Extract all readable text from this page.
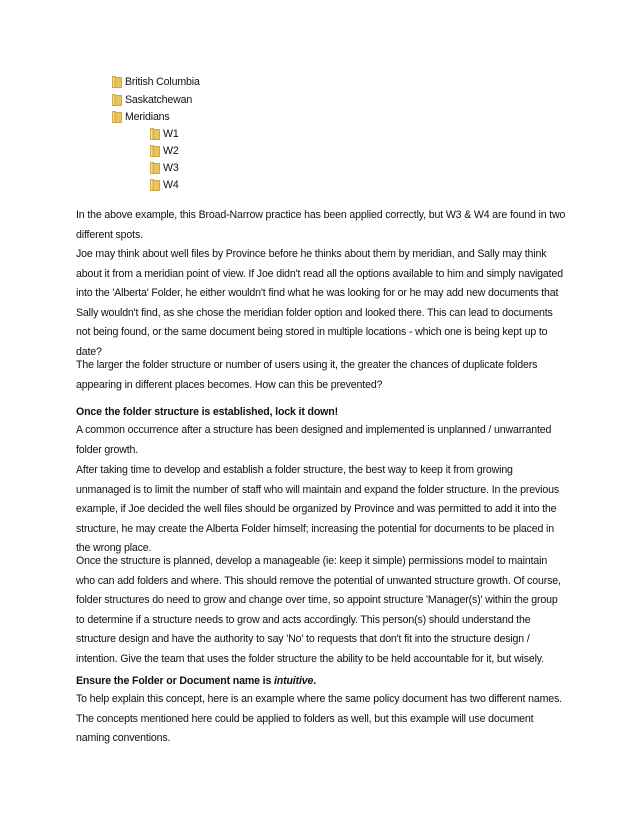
British Columbia
Saskatchewan
Meridians
W1
W2
W3
W4

In the above example, this Broad-Narrow practice has been applied correctly, but W3 & W4 are found in two different spots.

Joe may think about well files by Province before he thinks about them by meridian, and Sally may think about it from a meridian point of view. If Joe didn't read all the options available to him and simply navigated into the 'Alberta' Folder, he either wouldn't find what he was looking for or he may add new documents that Sally wouldn't find, as she chose the meridian folder option and looked there. This can lead to documents not being found, or the same document being stored in multiple locations - which one is being kept up to date?

The larger the folder structure or number of users using it, the greater the chances of duplicate folders appearing in different places becomes. How can this be prevented?

Once the folder structure is established, lock it down!

A common occurrence after a structure has been designed and implemented is unplanned / unwarranted folder growth.

After taking time to develop and establish a folder structure, the best way to keep it from growing unmanaged is to limit the number of staff who will maintain and expand the folder structure. In the previous example, if Joe decided the well files should be organized by Province and was permitted to add it into the structure, he may create the Alberta Folder himself; increasing the potential for documents to be placed in the wrong place.

Once the structure is planned, develop a manageable (ie: keep it simple) permissions model to maintain who can add folders and where. This should remove the potential of unwanted structure growth. Of course, folder structures do need to grow and change over time, so appoint structure 'Manager(s)' within the group to determine if a structure needs to grow and acts accordingly. This person(s) should understand the structure design and have the authority to say 'No' to requests that don't fit into the structure design / intention. Give the team that uses the folder structure the ability to be held accountable for it, but wisely.

Ensure the Folder or Document name is intuitive.

To help explain this concept, here is an example where the same policy document has two different names. The concepts mentioned here could be applied to folders as well, but this example will use document naming conventions.
